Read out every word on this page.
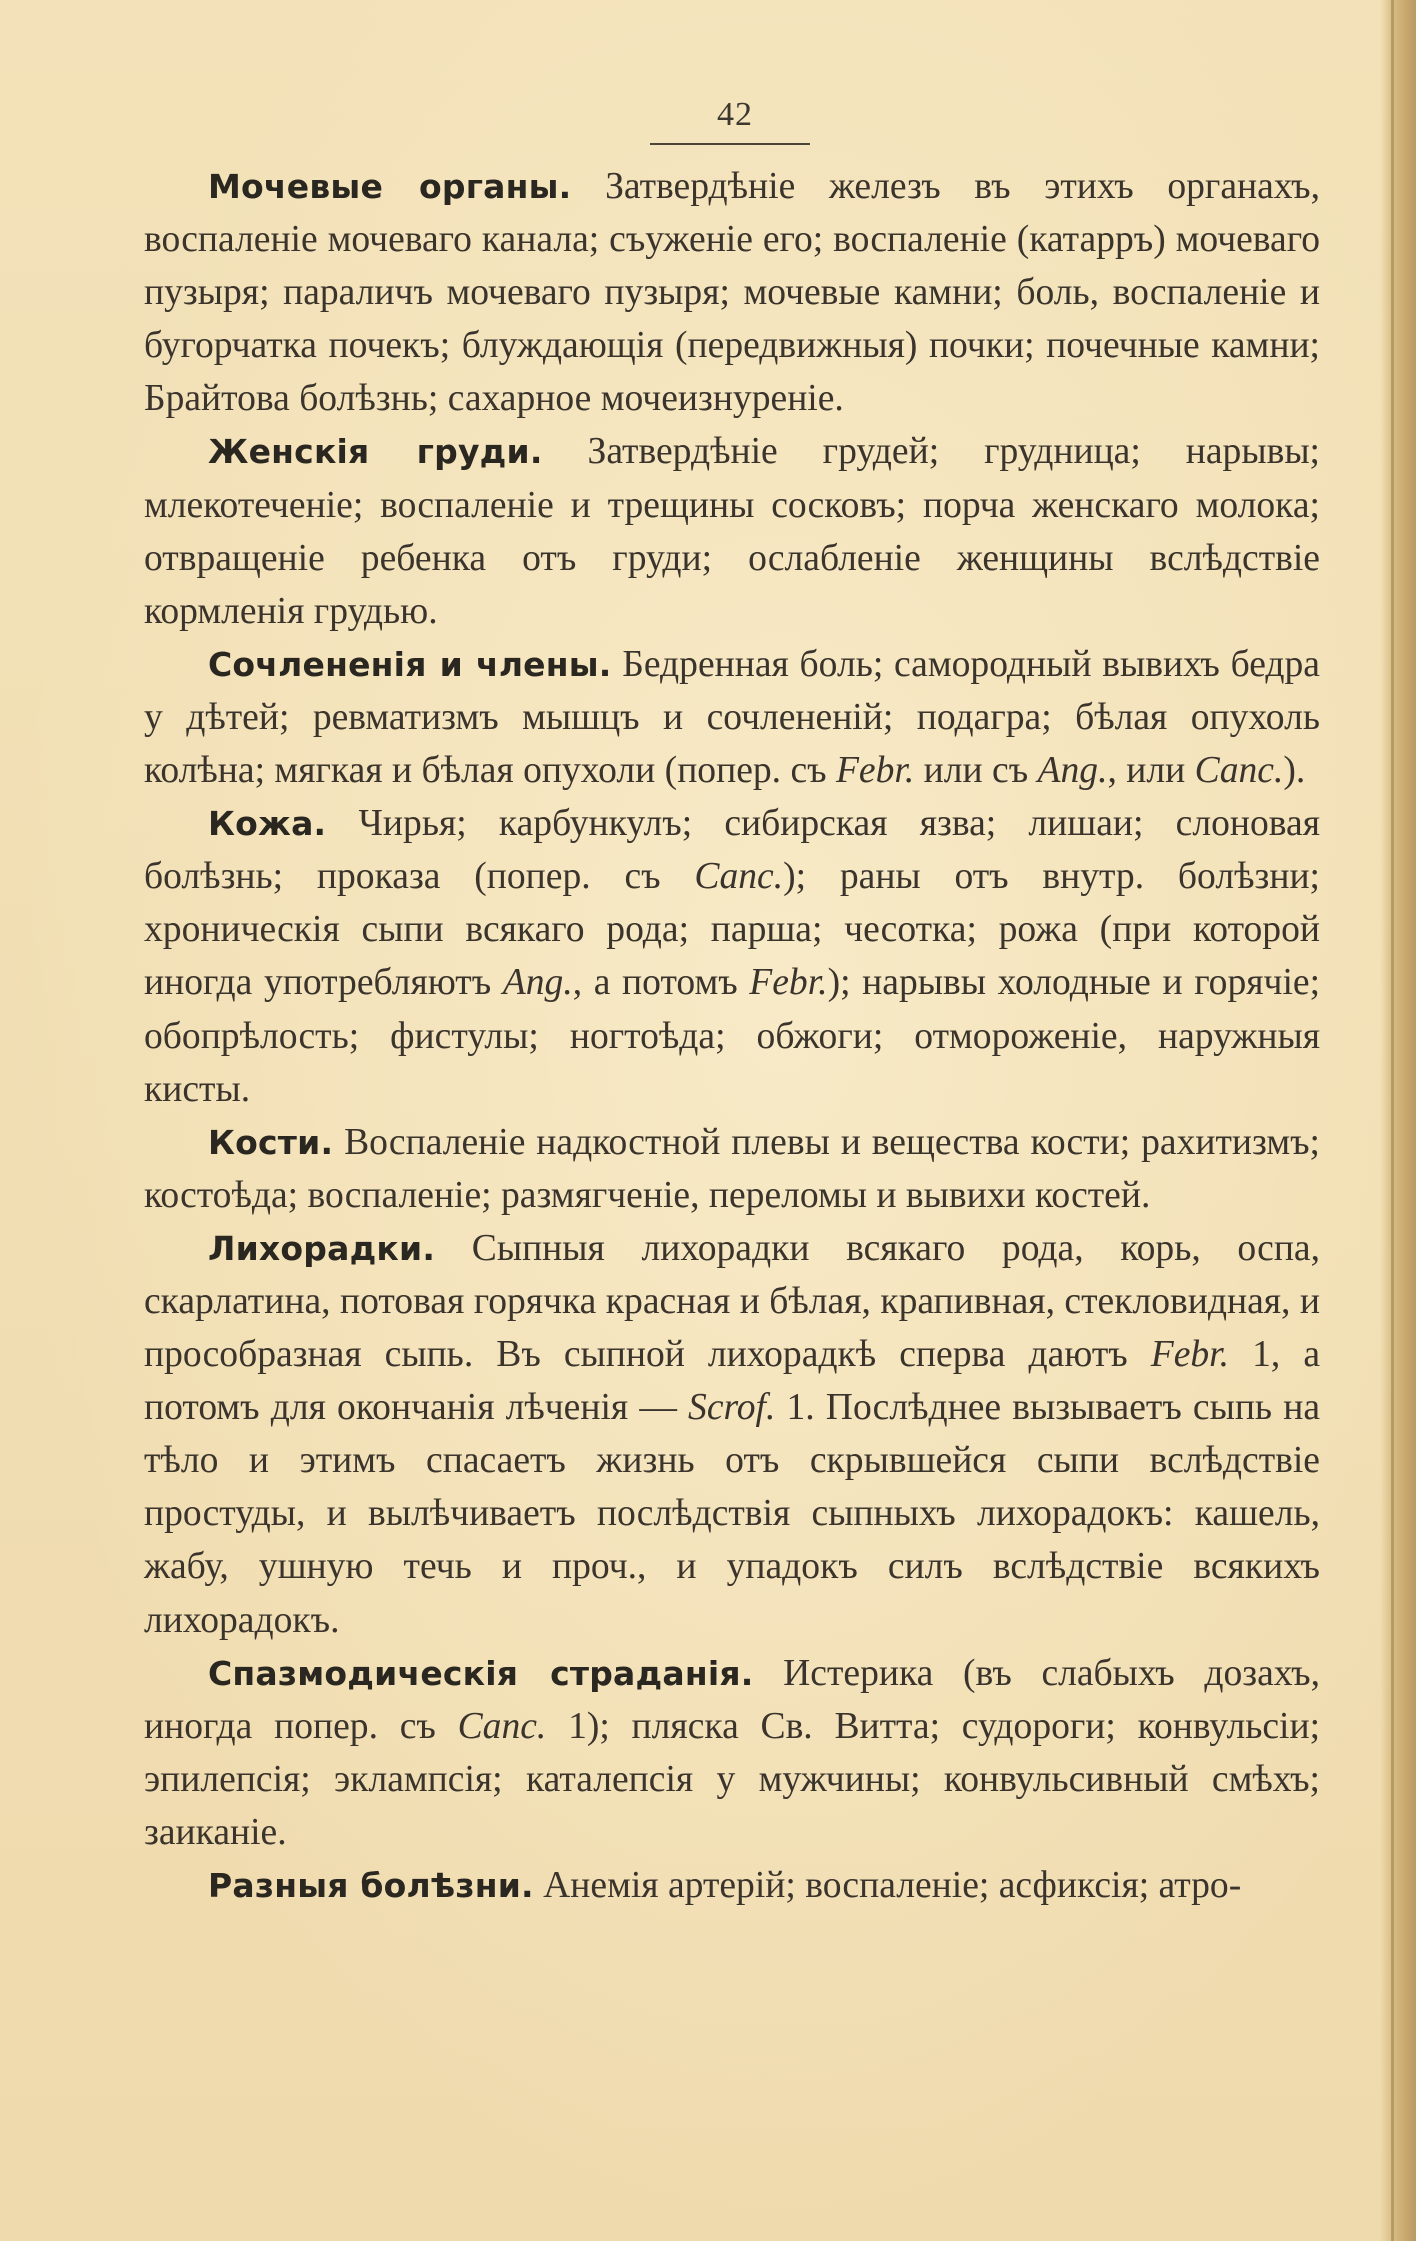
42

Мочевые органы. Затвердѣніе железъ въ этихъ органахъ, воспаленіе мочеваго канала; съуженіе его; воспаленіе (катарръ) мочеваго пузыря; параличъ мочеваго пузыря; мочевые камни; боль, воспаленіе и бугорчатка почекъ; блуждающія (передвижныя) почки; почечные камни; Брайтова болѣзнь; сахарное мочеизнуреніе.

Женскія груди. Затвердѣніе грудей; грудница; нарывы; млекотеченіе; воспаленіе и трещины сосковъ; порча женскаго молока; отвращеніе ребенка отъ груди; ослабленіе женщины вслѣдствіе кормленія грудью.

Сочлененія и члены. Бедренная боль; самородный вывихъ бедра у дѣтей; ревматизмъ мышцъ и сочлененій; подагра; бѣлая опухоль колѣна; мягкая и бѣлая опухоли (попер. съ Febr. или съ Ang., или Canc.).

Кожа. Чирья; карбункулъ; сибирская язва; лишаи; слоновая болѣзнь; проказа (попер. съ Canc.); раны отъ внутр. болѣзни; хроническія сыпи всякаго рода; парша; чесотка; рожа (при которой иногда употребляютъ Ang., а потомъ Febr.); нарывы холодные и горячіе; обопрѣлость; фистулы; ногтоѣда; обжоги; отмороженіе, наружныя кисты.

Кости. Воспаленіе надкостной плевы и вещества кости; рахитизмъ; костоѣда; воспаленіе; размягченіе, переломы и вывихи костей.

Лихорадки. Сыпныя лихорадки всякаго рода, корь, оспа, скарлатина, потовая горячка красная и бѣлая, крапивная, стекловидная, и прособразная сыпь. Въ сыпной лихорадкѣ сперва даютъ Febr. 1, а потомъ для окончанія лѣченія — Scrof. 1. Послѣднее вызываетъ сыпь на тѣло и этимъ спасаетъ жизнь отъ скрывшейся сыпи вслѣдствіе простуды, и вылѣчиваетъ послѣдствія сыпныхъ лихорадокъ: кашель, жабу, ушную течь и проч., и упадокъ силъ вслѣдствіе всякихъ лихорадокъ.

Спазмодическія страданія. Истерика (въ слабыхъ дозахъ, иногда попер. съ Canc. 1); пляска Св. Витта; судороги; конвульсіи; эпилепсія; эклампсія; каталепсія у мужчины; конвульсивный смѣхъ; заиканіе.

Разныя болѣзни. Анемія артерій; воспаленіе; асфиксія; атро-
